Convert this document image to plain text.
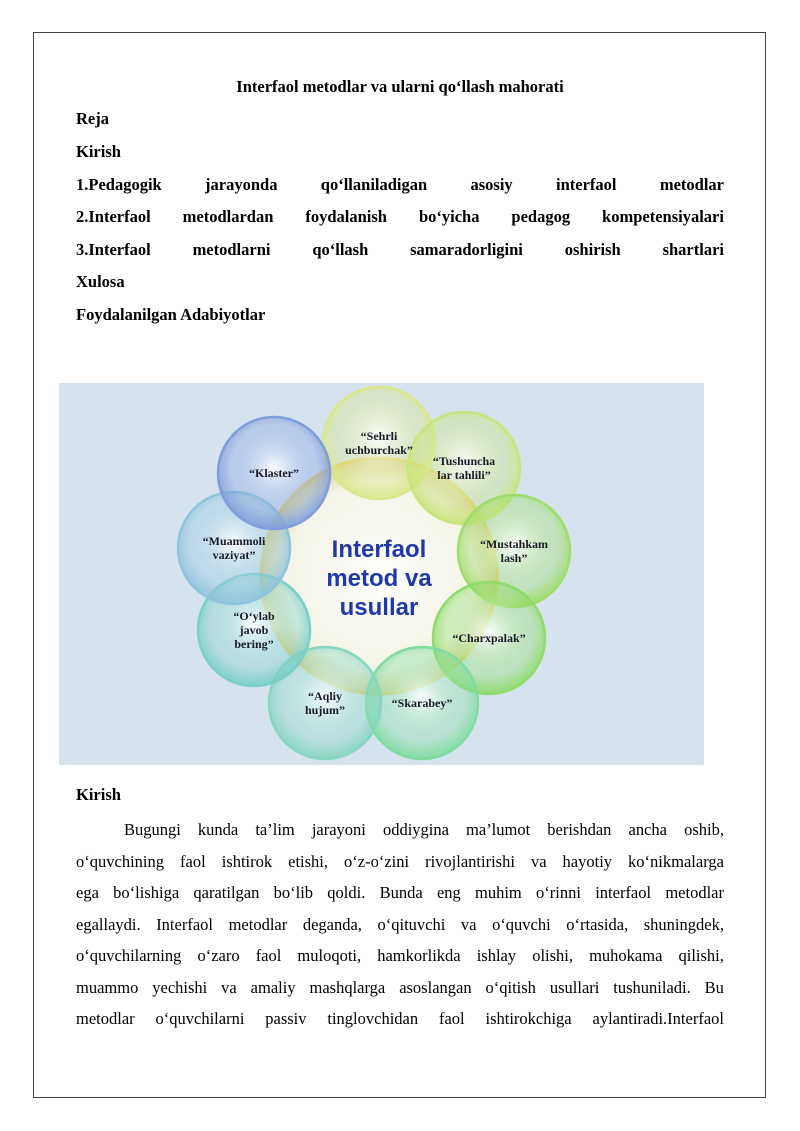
Interfaol metodlar va ularni qo‘llash mahorati
Reja
Kirish
1.Pedagogik	jarayonda	qo‘llaniladigan	asosiy	interfaol	metodlar
2.Interfaol metodlardan foydalanish bo‘yicha pedagog kompetensiyalari
3.Interfaol	metodlarni	qo‘llash	samaradorligini	oshirish	shartlari
Xulosa
Foydalanilgan Adabiyotlar
“Sehrli
uchburchak”
“Tushuncha
lar tahlili”
“Mustahkam
lash”
“Charxpalak”
“Skarabey”
“Aqliy
hujum”
“O‘ylab
javob
bering”
“Muammoli
vaziyat”
“Klaster”
Interfaol
metod va
usullar
Kirish
Bugungi kunda ta’lim jarayoni oddiygina ma’lumot berishdan ancha oshib,
o‘quvchining faol ishtirok etishi, o‘z-o‘zini rivojlantirishi va hayotiy ko‘nikmalarga
ega bo‘lishiga qaratilgan bo‘lib qoldi. Bunda eng muhim o‘rinni interfaol metodlar
egallaydi. Interfaol metodlar deganda, o‘qituvchi va o‘quvchi o‘rtasida, shuningdek,
o‘quvchilarning o‘zaro faol muloqoti, hamkorlikda ishlay olishi, muhokama qilishi,
muammo yechishi va amaliy mashqlarga asoslangan o‘qitish usullari tushuniladi. Bu
metodlar o‘quvchilarni passiv tinglovchidan faol ishtirokchiga aylantiradi.Interfaol
